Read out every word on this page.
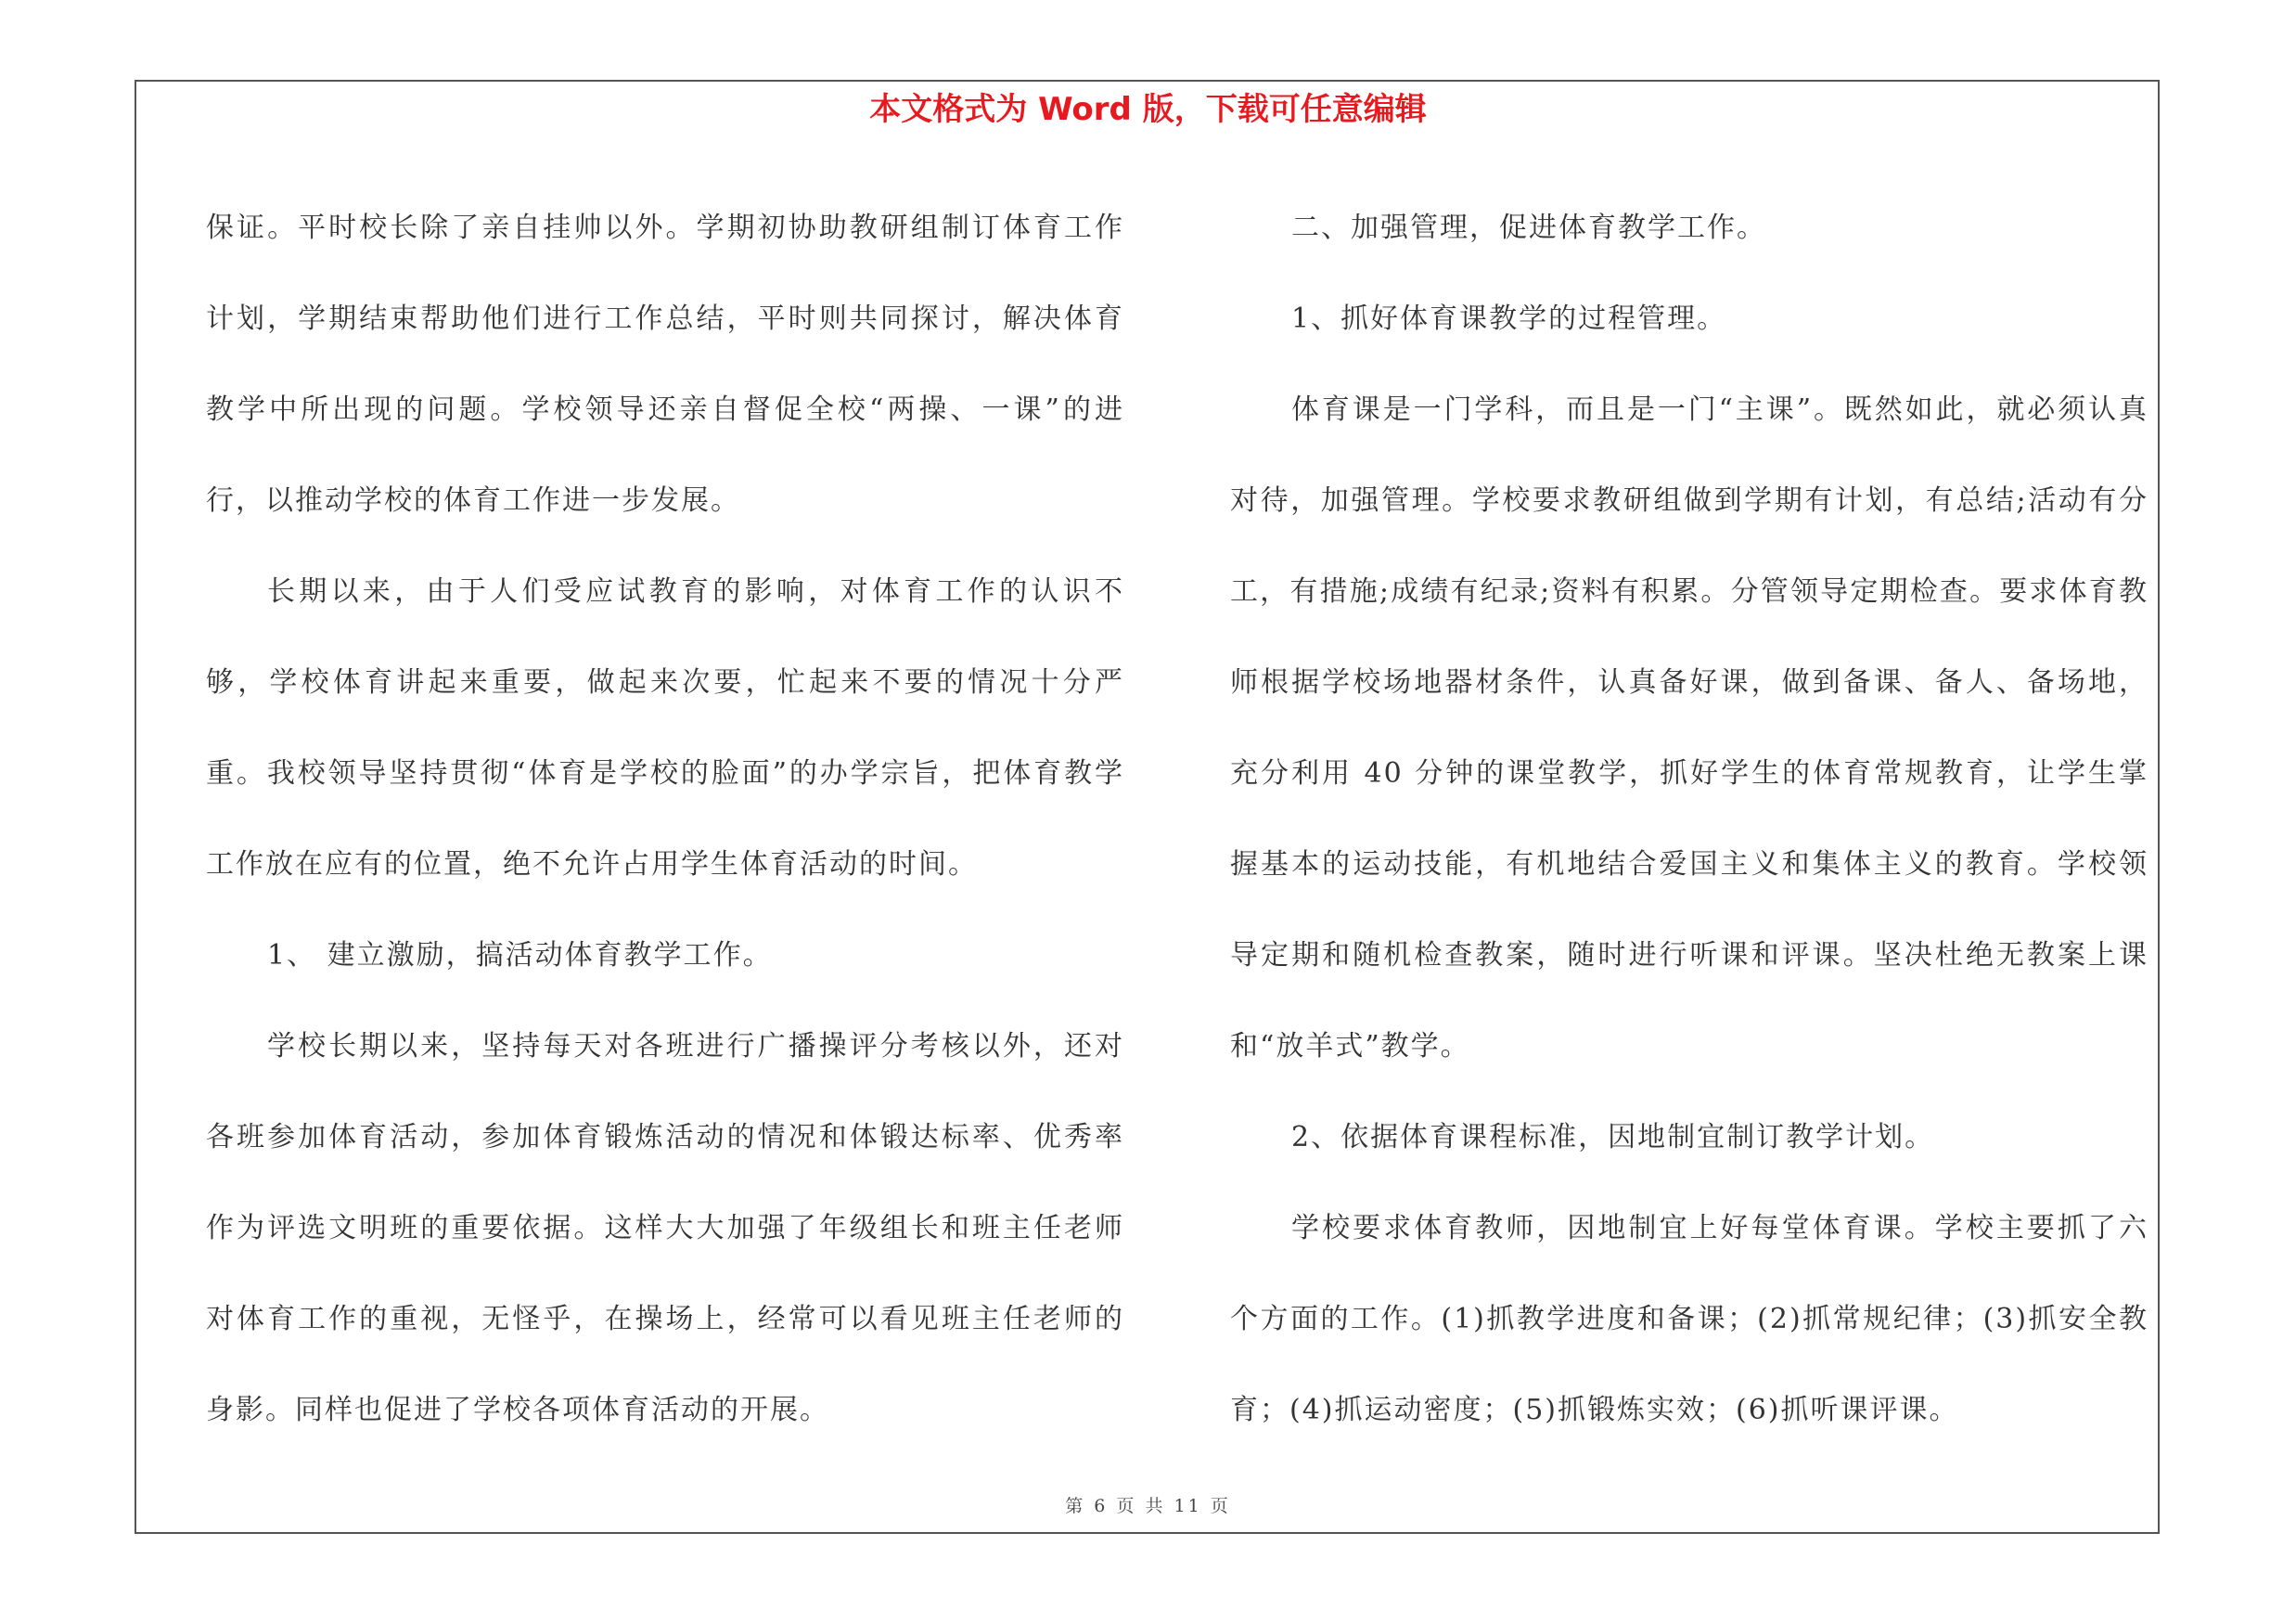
本文格式为 Word 版，下载可任意编辑

保证。平时校长除了亲自挂帅以外。学期初协助教研组制订体育工作计划，学期结束帮助他们进行工作总结，平时则共同探讨，解决体育教学中所出现的问题。学校领导还亲自督促全校“两操、一课”的进行，以推动学校的体育工作进一步发展。

长期以来，由于人们受应试教育的影响，对体育工作的认识不够，学校体育讲起来重要，做起来次要，忙起来不要的情况十分严重。我校领导坚持贯彻“体育是学校的脸面”的办学宗旨，把体育教学工作放在应有的位置，绝不允许占用学生体育活动的时间。

1、 建立激励，搞活动体育教学工作。

学校长期以来，坚持每天对各班进行广播操评分考核以外，还对各班参加体育活动，参加体育锻炼活动的情况和体锻达标率、优秀率作为评选文明班的重要依据。这样大大加强了年级组长和班主任老师对体育工作的重视，无怪乎，在操场上，经常可以看见班主任老师的身影。同样也促进了学校各项体育活动的开展。

二、加强管理，促进体育教学工作。

1、抓好体育课教学的过程管理。

体育课是一门学科，而且是一门“主课”。既然如此，就必须认真对待，加强管理。学校要求教研组做到学期有计划，有总结;活动有分工，有措施;成绩有纪录;资料有积累。分管领导定期检查。要求体育教师根据学校场地器材条件，认真备好课，做到备课、备人、备场地，充分利用 40 分钟的课堂教学，抓好学生的体育常规教育，让学生掌握基本的运动技能，有机地结合爱国主义和集体主义的教育。学校领导定期和随机检查教案，随时进行听课和评课。坚决杜绝无教案上课和“放羊式”教学。

2、依据体育课程标准，因地制宜制订教学计划。

学校要求体育教师，因地制宜上好每堂体育课。学校主要抓了六个方面的工作。(1)抓教学进度和备课；(2)抓常规纪律；(3)抓安全教育；(4)抓运动密度；(5)抓锻炼实效；(6)抓听课评课。

第 6 页 共 11 页
